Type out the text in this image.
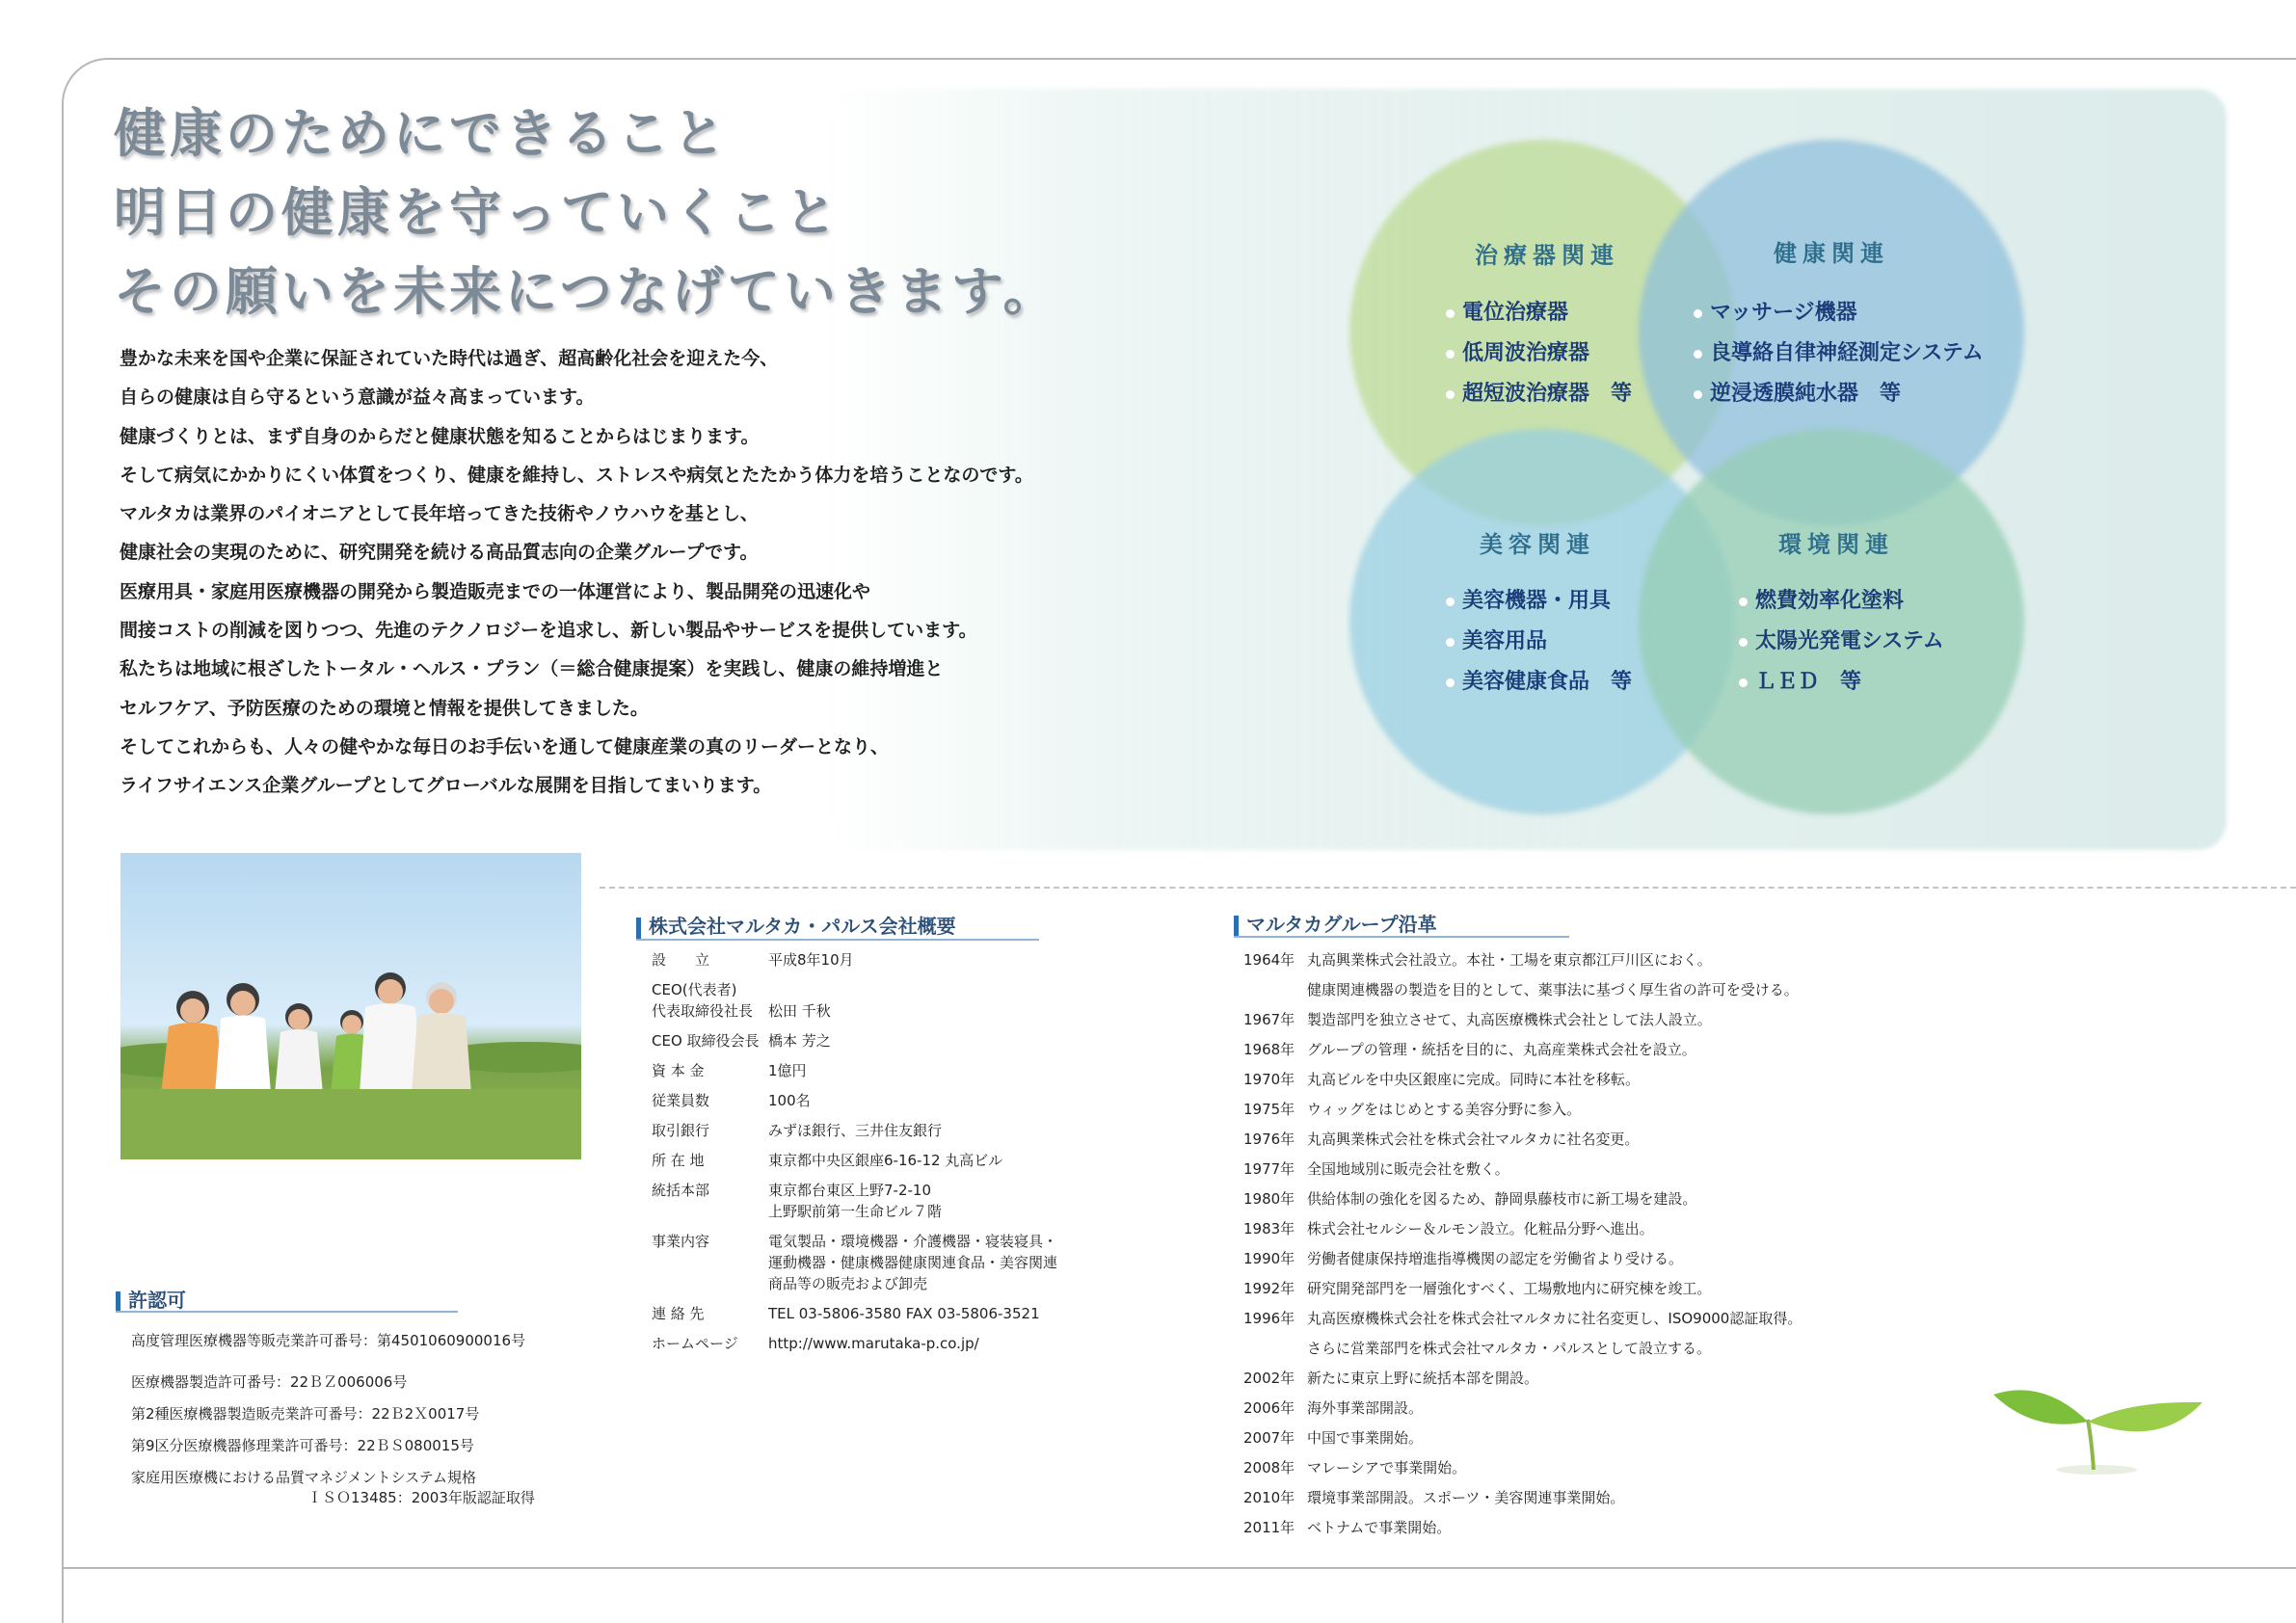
健康のためにできること
明日の健康を守っていくこと
その願いを未来につなげていきます。
豊かな未来を国や企業に保証されていた時代は過ぎ、超高齢化社会を迎えた今、
自らの健康は自ら守るという意識が益々高まっています。
健康づくりとは、まず自身のからだと健康状態を知ることからはじまります。
そして病気にかかりにくい体質をつくり、健康を維持し、ストレスや病気とたたかう体力を培うことなのです。
マルタカは業界のパイオニアとして長年培ってきた技術やノウハウを基とし、
健康社会の実現のために、研究開発を続ける高品質志向の企業グループです。
医療用具・家庭用医療機器の開発から製造販売までの一体運営により、製品開発の迅速化や
間接コストの削減を図りつつ、先進のテクノロジーを追求し、新しい製品やサービスを提供しています。
私たちは地域に根ざしたトータル・ヘルス・プラン（＝総合健康提案）を実践し、健康の維持増進と
セルフケア、予防医療のための環境と情報を提供してきました。
そしてこれからも、人々の健やかな毎日のお手伝いを通して健康産業の真のリーダーとなり、
ライフサイエンス企業グループとしてグローバルな展開を目指してまいります。
治療器関連
電位治療器
低周波治療器
超短波治療器　等
健康関連
マッサージ機器
良導絡自律神経測定システム
逆浸透膜純水器　等
美容関連
美容機器・用具
美容用品
美容健康食品　等
環境関連
燃費効率化塗料
太陽光発電システム
ＬＥＤ　等
株式会社マルタカ・パルス会社概要
設　　立	平成8年10月
CEO(代表者)
代表取締役社長	松田 千秋
CEO 取締役会長 橋本 芳之
資 本 金	1億円
従業員数	100名
取引銀行	みずほ銀行、三井住友銀行
所 在 地	東京都中央区銀座6-16-12 丸高ビル
統括本部	東京都台東区上野7-2-10
上野駅前第一生命ビル７階
事業内容	電気製品・環境機器・介護機器・寝装寝具・
運動機器・健康機器健康関連食品・美容関連
商品等の販売および卸売
連 絡 先	TEL 03-5806-3580 FAX 03-5806-3521
ホームページ	http://www.marutaka-p.co.jp/
マルタカグループ沿革
1964年 丸高興業株式会社設立。本社・工場を東京都江戸川区におく。
健康関連機器の製造を目的として、薬事法に基づく厚生省の許可を受ける。
1967年 製造部門を独立させて、丸高医療機株式会社として法人設立。
1968年 グループの管理・統括を目的に、丸高産業株式会社を設立。
1970年 丸高ビルを中央区銀座に完成。同時に本社を移転。
1975年 ウィッグをはじめとする美容分野に参入。
1976年 丸高興業株式会社を株式会社マルタカに社名変更。
1977年 全国地域別に販売会社を敷く。
1980年 供給体制の強化を図るため、静岡県藤枝市に新工場を建設。
1983年 株式会社セルシー＆ルモン設立。化粧品分野へ進出。
1990年 労働者健康保持増進指導機関の認定を労働省より受ける。
1992年 研究開発部門を一層強化すべく、工場敷地内に研究棟を竣工。
1996年 丸高医療機株式会社を株式会社マルタカに社名変更し、ISO9000認証取得。
さらに営業部門を株式会社マルタカ・パルスとして設立する。
2002年 新たに東京上野に統括本部を開設。
2006年 海外事業部開設。
2007年 中国で事業開始。
2008年 マレーシアで事業開始。
2010年 環境事業部開設。スポーツ・美容関連事業開始。
2011年 ベトナムで事業開始。
許認可
高度管理医療機器等販売業許可番号：第4501060900016号
医療機器製造許可番号：22ＢＺ006006号
第2種医療機器製造販売業許可番号：22Ｂ2Ｘ0017号
第9区分医療機器修理業許可番号：22ＢＳ080015号
家庭用医療機における品質マネジメントシステム規格
ＩＳＯ13485：2003年版認証取得
